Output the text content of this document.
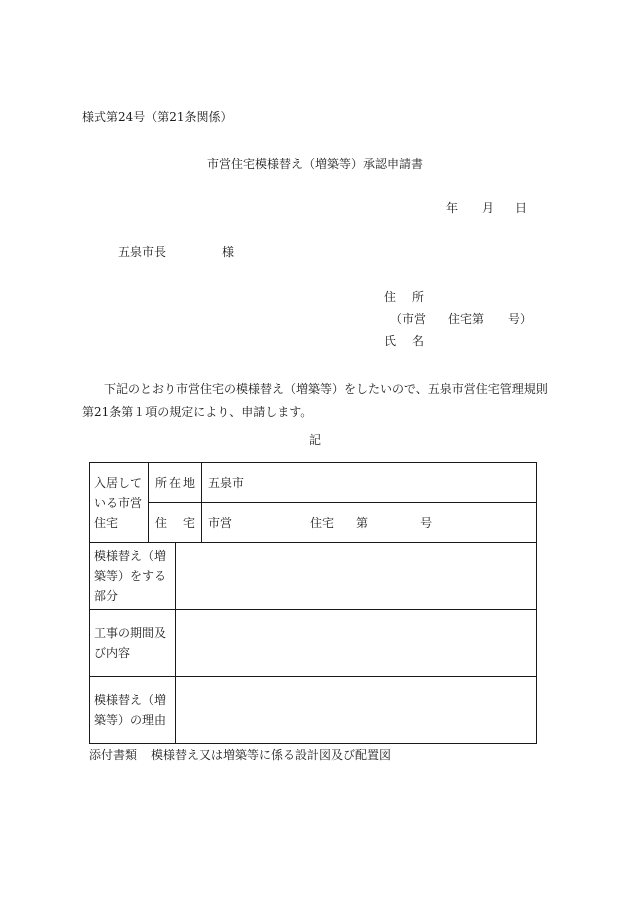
様式第24号（第21条関係）
市営住宅模様替え（増築等）承認申請書
年 月 日
五泉市長	様
住 所
（市営 住宅第 号）
氏 名
下記のとおり市営住宅の模様替え（増築等）をしたいので、五泉市営住宅管理規則第21条第１項の規定により、申請します。
記
入居している市営住宅	所 在 地		五泉市

	住 宅		市営 住宅 第 号
模様替え（増築等）をする部分			
工事の期間及び内容			
模様替え（増築等）の理由			
添付書類 模様替え又は増築等に係る設計図及び配置図
